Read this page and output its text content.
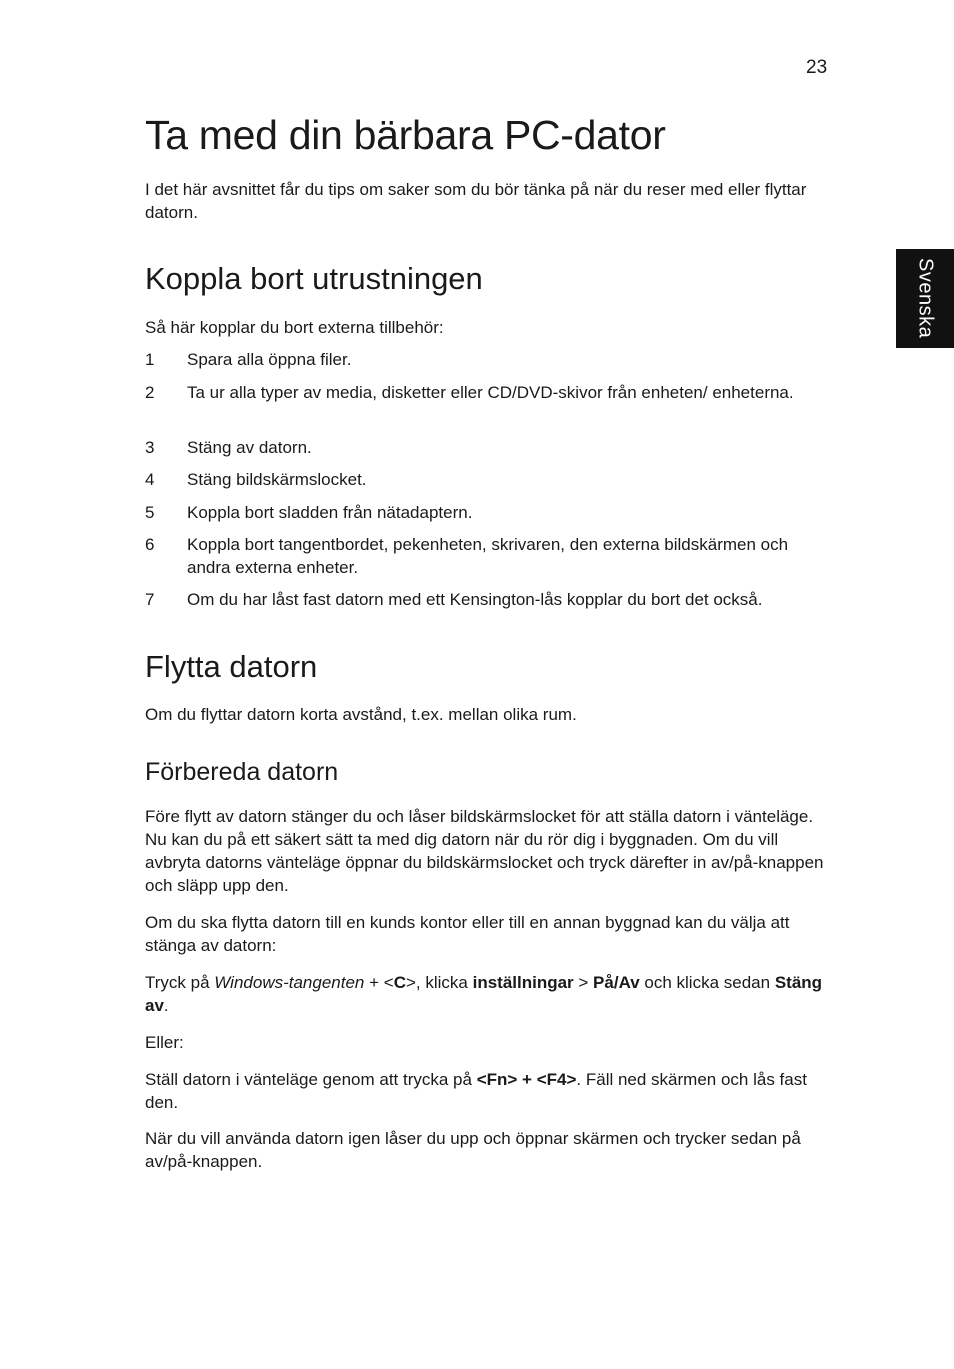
23
Svenska
Ta med din bärbara PC-dator

I det här avsnittet får du tips om saker som du bör tänka på när du reser med eller flyttar datorn.

Koppla bort utrustningen

Så här kopplar du bort externa tillbehör:

1	Spara alla öppna filer.
2	Ta ur alla typer av media, disketter eller CD/DVD-skivor från enheten/ enheterna.
3	Stäng av datorn.
4	Stäng bildskärmslocket.
5	Koppla bort sladden från nätadaptern.
6	Koppla bort tangentbordet, pekenheten, skrivaren, den externa bildskärmen och andra externa enheter.
7	Om du har låst fast datorn med ett Kensington-lås kopplar du bort det också.
Flytta datorn

Om du flyttar datorn korta avstånd, t.ex. mellan olika rum.

Förbereda datorn

Före flytt av datorn stänger du och låser bildskärmslocket för att ställa datorn i vänteläge. Nu kan du på ett säkert sätt ta med dig datorn när du rör dig i byggnaden. Om du vill avbryta datorns vänteläge öppnar du bildskärmslocket och tryck därefter in av/på-knappen och släpp upp den.

Om du ska flytta datorn till en kunds kontor eller till en annan byggnad kan du välja att stänga av datorn:

Tryck på Windows-tangenten + <C>, klicka inställningar > På/Av och klicka sedan Stäng av.

Eller:

Ställ datorn i vänteläge genom att trycka på <Fn> + <F4>. Fäll ned skärmen och lås fast den.

När du vill använda datorn igen låser du upp och öppnar skärmen och trycker sedan på av/på-knappen.
